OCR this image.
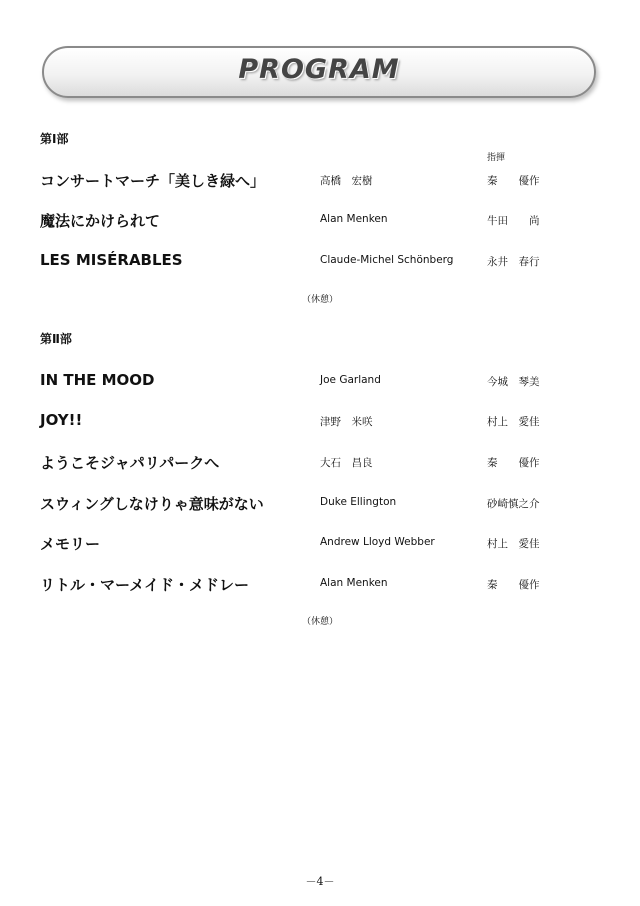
PROGRAM
第Ⅰ部
指揮
コンサートマーチ「美しき緑へ」	高橋　宏樹	秦　　優作
魔法にかけられて	Alan Menken	牛田　　尚
LES MISÉRABLES	Claude-Michel Schönberg	永井　春行
（休憩）
第Ⅱ部
IN THE MOOD	Joe Garland	今城　琴美
JOY!!	津野　米咲	村上　愛佳
ようこそジャパリパークへ	大石　昌良	秦　　優作
スウィングしなけりゃ意味がない	Duke Ellington	砂崎慎之介
メモリー	Andrew Lloyd Webber	村上　愛佳
リトル・マーメイド・メドレー	Alan Menken	秦　　優作
（休憩）
－4－
